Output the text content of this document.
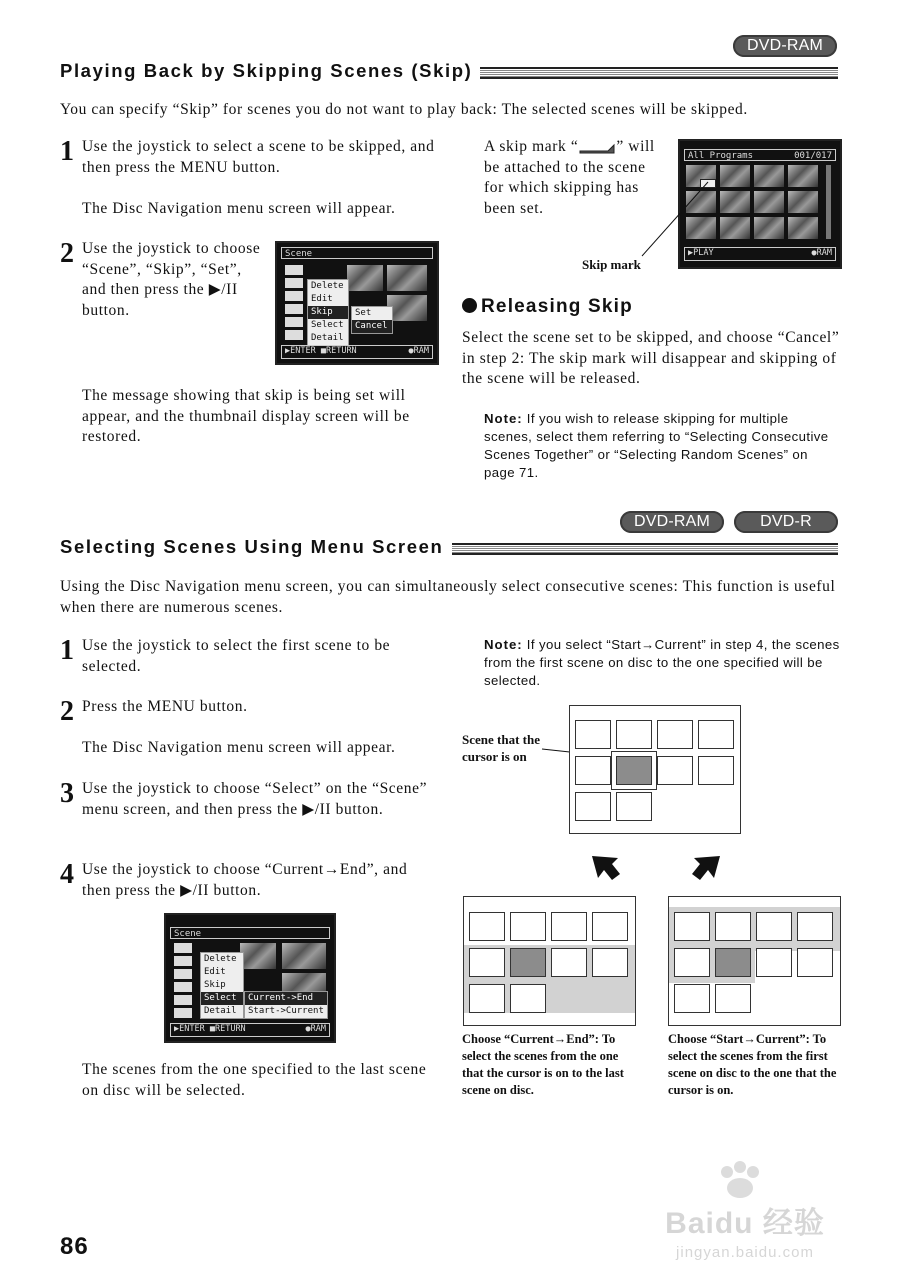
DVD-RAM
Playing Back by Skipping Scenes (Skip)
You can specify “Skip” for scenes you do not want to play back: The selected scenes will be skipped.
1 Use the joystick to select a scene to be skipped, and then press the MENU button.
The Disc Navigation menu screen will appear.
2 Use the joystick to choose “Scene”, “Skip”, “Set”, and then press the ▶/II button.
Scene
Delete
Edit
Skip
Select
Detail
Set
Cancel
▶ENTER ■RETURN	●RAM
The message showing that skip is being set will appear, and the thumbnail display screen will be restored.
A skip mark “ ” will be attached to the scene for which skipping has been set.
All Programs	001/017
▶PLAY	●RAM
Skip mark
Releasing Skip
Select the scene set to be skipped, and choose “Cancel” in step 2: The skip mark will disappear and skipping of the scene will be released.
Note: If you wish to release skipping for multiple scenes, select them referring to “Selecting Consecutive Scenes Together” or “Selecting Random Scenes” on page 71.
DVD-RAM	DVD-R
Selecting Scenes Using Menu Screen
Using the Disc Navigation menu screen, you can simultaneously select consecutive scenes: This function is useful when there are numerous scenes.
1 Use the joystick to select the first scene to be selected.
2 Press the MENU button.
The Disc Navigation menu screen will appear.
3 Use the joystick to choose “Select” on the “Scene” menu screen, and then press the ▶/II button.
4 Use the joystick to choose “Current→End”, and then press the ▶/II button.
Scene
Delete
Edit
Skip
Select
Detail
Current->End
Start->Current
▶ENTER ■RETURN	●RAM
The scenes from the one specified to the last scene on disc will be selected.
Note: If you select “Start→Current” in step 4, the scenes from the first scene on disc to the one specified will be selected.
Scene that the cursor is on
Choose “Current→End”: To select the scenes from the one that the cursor is on to the last scene on disc.
Choose “Start→Current”: To select the scenes from the first scene on disc to the one that the cursor is on.
Baidu 经验
jingyan.baidu.com
86
